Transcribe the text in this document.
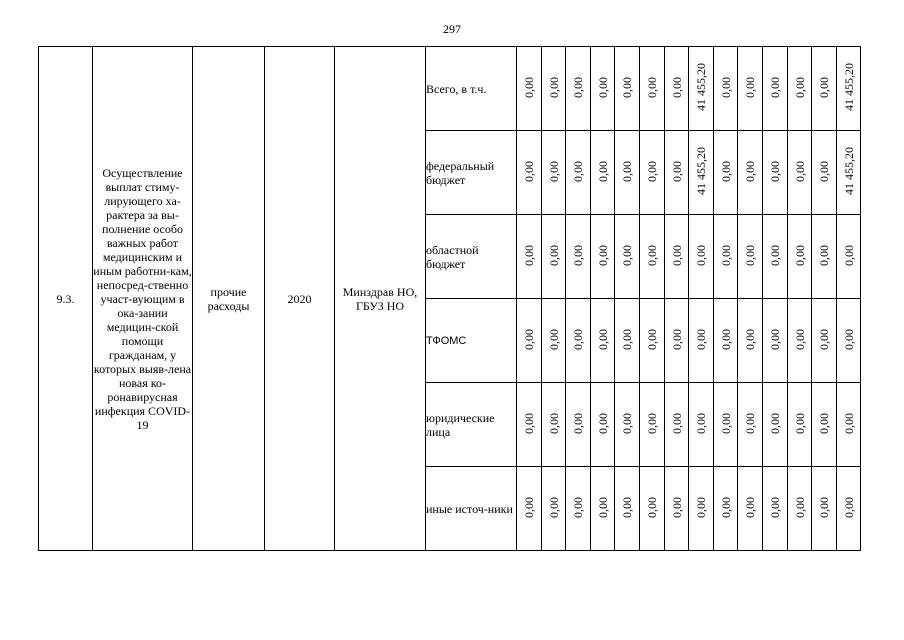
297
9.3.	Осуществление выплат стиму-лирующего ха-рактера за вы-полнение особо важных работ медицинским и иным работни-кам, непосред-ственно участ-вующим в ока-зании медицин-ской помощи гражданам, у которых выяв-лена новая ко-ронавирусная инфекция COVID-19	прочие расходы	2020	Минздрав НО, ГБУЗ НО	Всего, в т.ч.	0,00	0,00	0,00	0,00	0,00	0,00	0,00	41 455,20	0,00	0,00	0,00	0,00	0,00	41 455,20
					федеральный бюджет	0,00	0,00	0,00	0,00	0,00	0,00	0,00	41 455,20	0,00	0,00	0,00	0,00	0,00	41 455,20
					областной бюджет	0,00	0,00	0,00	0,00	0,00	0,00	0,00	0,00	0,00	0,00	0,00	0,00	0,00	0,00
					ТФОМС	0,00	0,00	0,00	0,00	0,00	0,00	0,00	0,00	0,00	0,00	0,00	0,00	0,00	0,00
					юридические лица	0,00	0,00	0,00	0,00	0,00	0,00	0,00	0,00	0,00	0,00	0,00	0,00	0,00	0,00
					иные источ-ники	0,00	0,00	0,00	0,00	0,00	0,00	0,00	0,00	0,00	0,00	0,00	0,00	0,00	0,00
